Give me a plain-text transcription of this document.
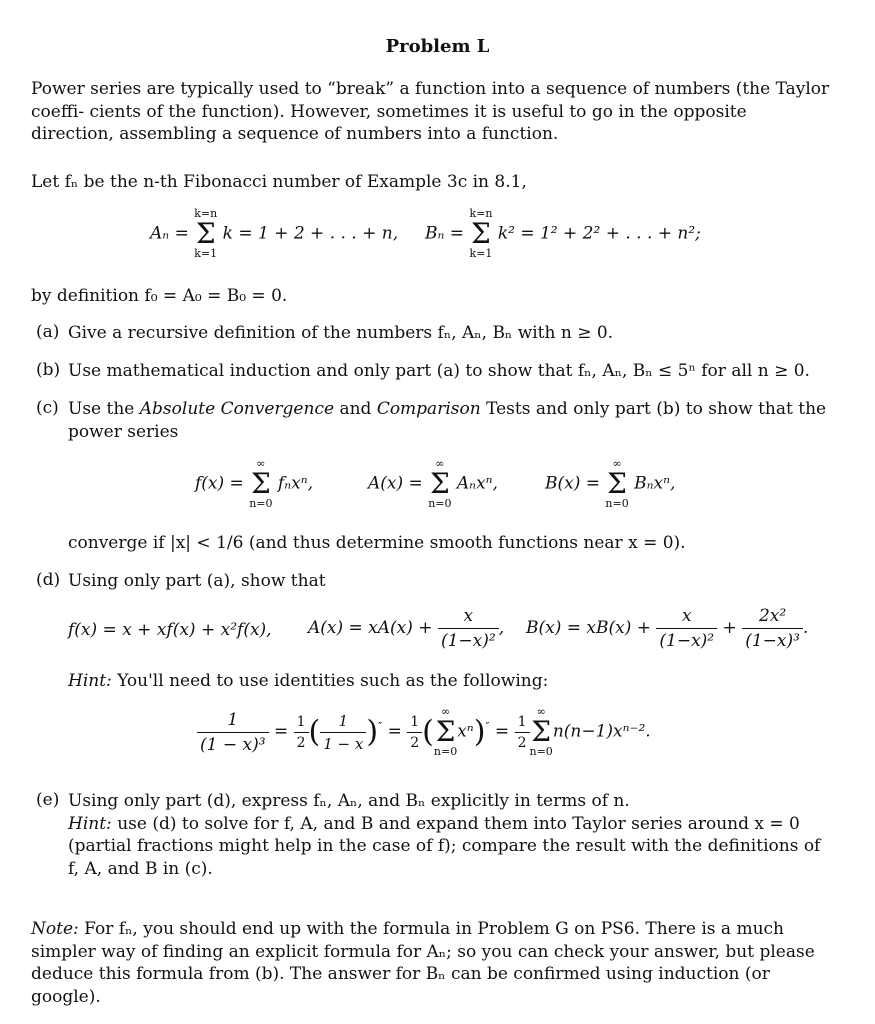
Problem L
Power series are typically used to “break” a function into a sequence of numbers (the Taylor coeffi- cients of the function). However, sometimes it is useful to go in the opposite direction, assembling a sequence of numbers into a function.
Let fₙ be the n-th Fibonacci number of Example 3c in 8.1,
Aₙ =
k=n
Σ
k=1
k = 1 + 2 + . . . + n, Bₙ =
k=n
Σ
k=1
k² = 1² + 2² + . . . + n²;
by definition f₀ = A₀ = B₀ = 0.
(a) Give a recursive definition of the numbers fₙ, Aₙ, Bₙ with n ≥ 0.
(b) Use mathematical induction and only part (a) to show that fₙ, Aₙ, Bₙ ≤ 5ⁿ for all n ≥ 0.
(c) Use the Absolute Convergence and Comparison Tests and only part (b) to show that the power series
f(x) =
∞
Σ
n=0
fₙxⁿ,	A(x) =
∞
Σ
n=0
Aₙxⁿ,	B(x) =
∞
Σ
n=0
Bₙxⁿ,
converge if |x| < 1/6 (and thus determine smooth functions near x = 0).
(d) Using only part (a), show that
f(x) = x + xf(x) + x²f(x), $A(x) = xA(x) + \frac{x}{\text{(1−x)²}}$ , $B(x) = xB(x) + \frac{x}{\text{(1−x)²}} + \frac{\text{2x²}}{\text{(1−x)³}}$ .
Hint: You'll need to use identities such as the following:
$\frac{1}{\text{(1 − x)³}} = \frac{1}{2}$ ( $\frac{1}{1 - x} )'' = \frac{1}{2}$ (
∞
Σ
n=0
$x^n)'' = \frac{1}{2}$
∞
Σ
n=0
n(n−1)xⁿ⁻².
(e) Using only part (d), express fₙ, Aₙ, and Bₙ explicitly in terms of n.
Hint: use (d) to solve for f, A, and B and expand them into Taylor series around x = 0 (partial fractions might help in the case of f); compare the result with the definitions of f, A, and B in (c).
Note: For fₙ, you should end up with the formula in Problem G on PS6. There is a much simpler way of finding an explicit formula for Aₙ; so you can check your answer, but please deduce this formula from (b). The answer for Bₙ can be confirmed using induction (or google).
